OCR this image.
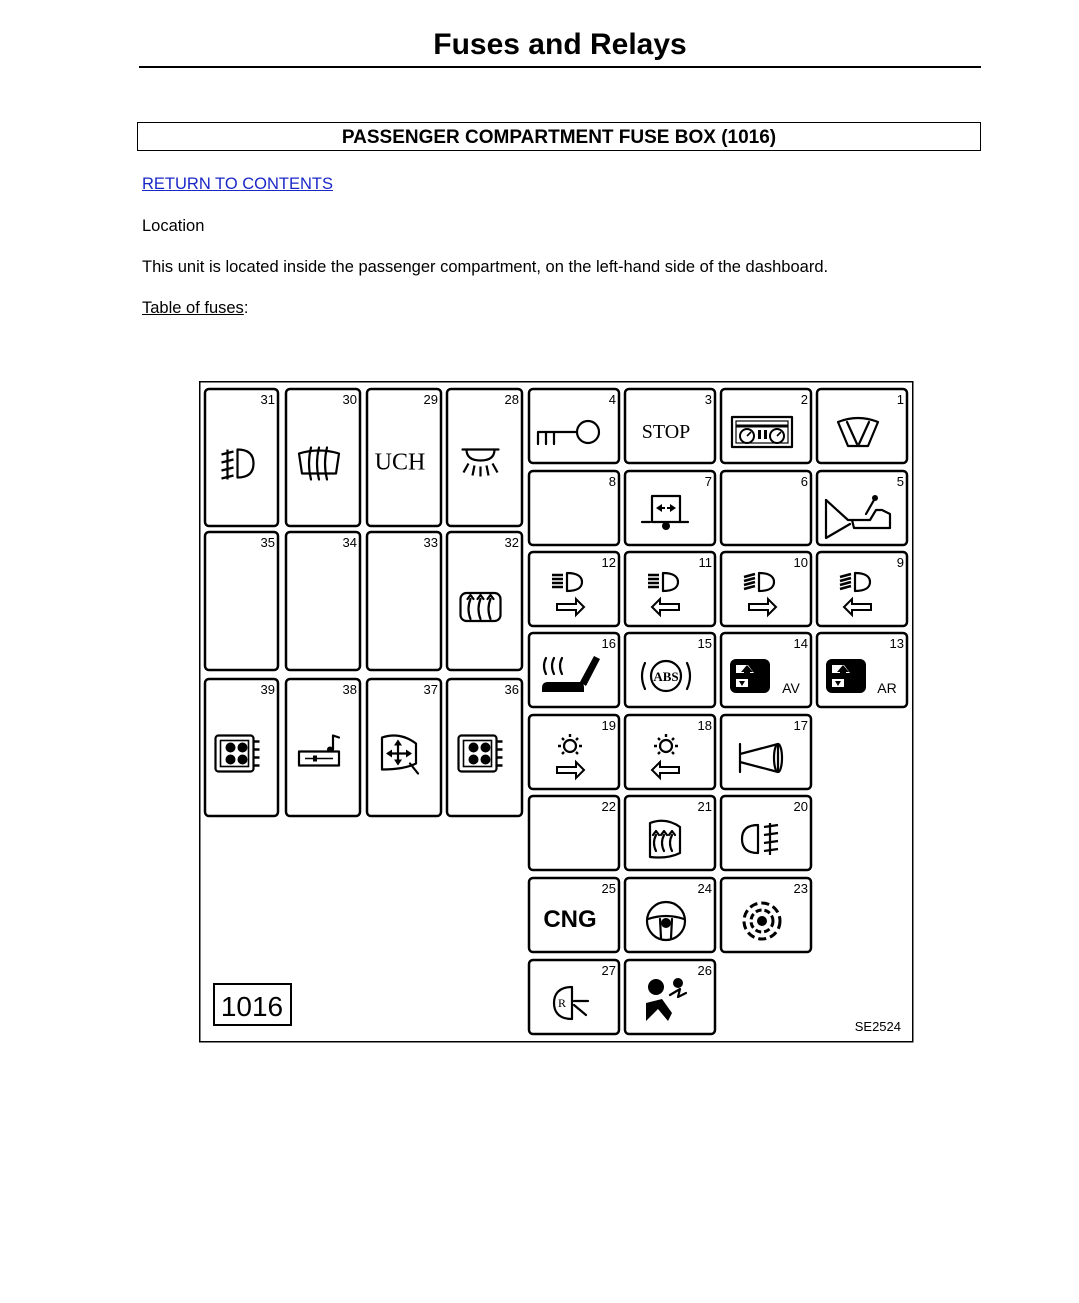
Fuses and Relays
PASSENGER COMPARTMENT FUSE BOX (1016)
RETURN TO CONTENTS
Location
This unit is located inside the passenger compartment, on the left-hand side of the dashboard.
Table of fuses:
31	30	29
UCH
28	4	3
STOP
2	1
8	7	6	5
35	34	33	32
12	11	10	9
16	15
ABS
14
AV
13
AR
39	38	37	36
19	18	17
22	21	20
25
CNG
24	23
27
R
26
1016
SE2524
